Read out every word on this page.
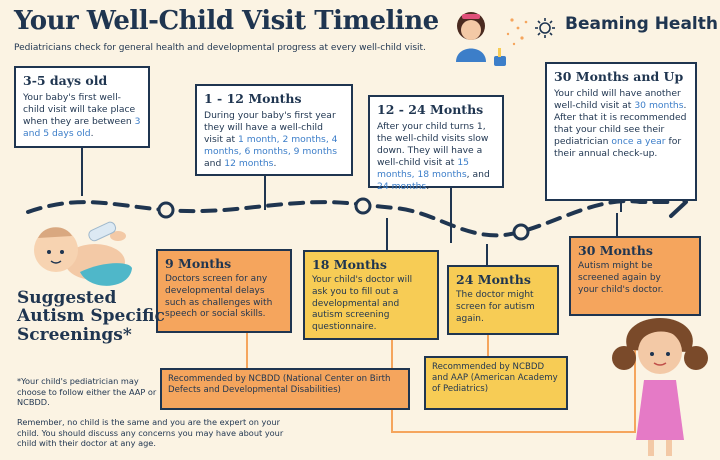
Your Well-Child Visit Timeline
Pediatricians check for general health and developmental progress at every well-child visit.
Beaming Health
3-5 days old
Your baby's first well-child visit will take place when they are between 3 and 5 days old.
1 - 12 Months
During your baby's first year they will have a well-child visit at 1 month, 2 months, 4 months, 6 months, 9 months and 12 months.
12 - 24 Months
After your child turns 1, the well-child visits slow down. They will have a well-child visit at 15 months, 18 months, and 24 months.
30 Months and Up
Your child will have another well-child visit at 30 months. After that it is recommended that your child see their pediatrician once a year for their annual check-up.
9 Months
Doctors screen for any developmental delays such as challenges with speech or social skills.
18 Months
Your child's doctor will ask you to fill out a developmental and autism screening questionnaire.
24 Months
The doctor might screen for autism again.
30 Months
Autism might be screened again by your child's doctor.
Suggested Autism Specific Screenings*
*Your child's pediatrician may choose to follow either the AAP or NCBDD.
Recommended by NCBDD (National Center on Birth Defects and Developmental Disabilities)
Recommended by NCBDD and AAP (American Academy of Pediatrics)
Remember, no child is the same and you are the expert on your child. You should discuss any concerns you may have about your child with their doctor at any age.
